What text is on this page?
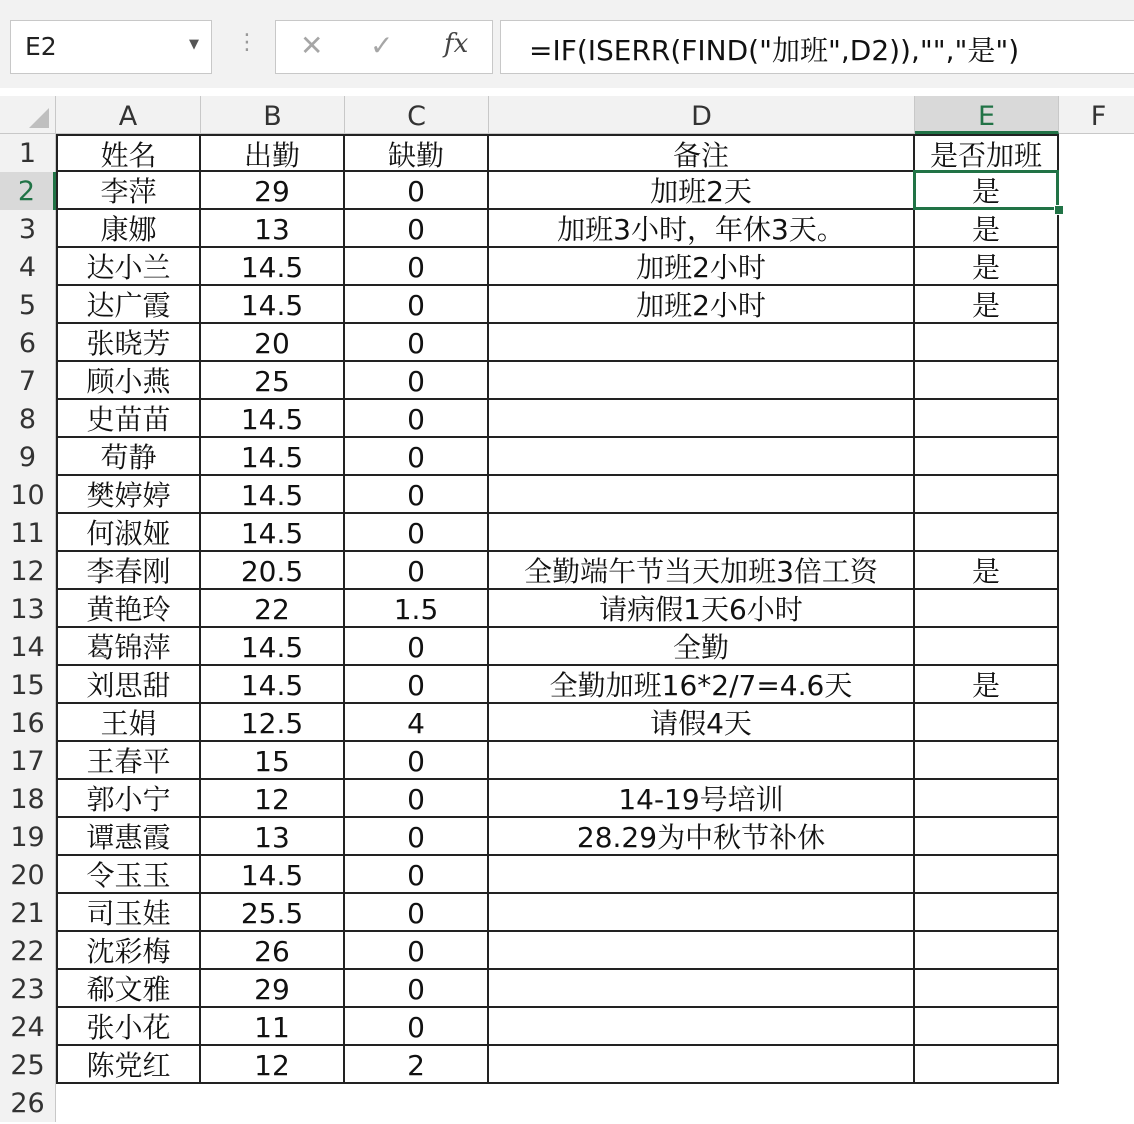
E2	▼ ⋮ ✕ ✓ fx =IF(ISERR(FIND("加班",D2)),"","是")
A	B	C	D	E	F
1	姓名	出勤	缺勤	备注	是否加班
2	李萍	29	0	加班2天	是
3	康娜	13	0	加班3小时，年休3天。	是
4	达小兰	14.5	0	加班2小时	是
5	达广霞	14.5	0	加班2小时	是
6	张晓芳	20	0
7	顾小燕	25	0
8	史苗苗	14.5	0
9	苟静	14.5	0
10	樊婷婷	14.5	0
11	何淑娅	14.5	0
12	李春刚	20.5	0	全勤端午节当天加班3倍工资	是
13	黄艳玲	22	1.5	请病假1天6小时
14	葛锦萍	14.5	0	全勤
15	刘思甜	14.5	0	全勤加班16*2/7=4.6天	是
16	王娟	12.5	4	请假4天
17	王春平	15	0
18	郭小宁	12	0	14-19号培训
19	谭惠霞	13	0	28.29为中秋节补休
20	令玉玉	14.5	0
21	司玉娃	25.5	0
22	沈彩梅	26	0
23	郗文雅	29	0
24	张小花	11	0
25	陈党红	12	2
26
